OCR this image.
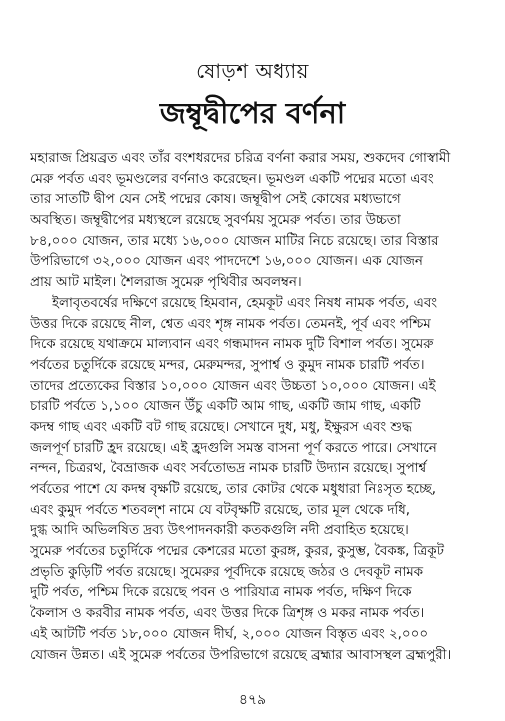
ষোড়শ অধ্যায়
জম্বূদ্বীপের বর্ণনা
মহারাজ প্রিয়ব্রত এবং তাঁর বংশধরদের চরিত্র বর্ণনা করার সময়, শুকদেব গোস্বামী
মেরু পর্বত এবং ভূমণ্ডলের বর্ণনাও করেছেন। ভূমণ্ডল একটি পদ্মের মতো এবং
তার সাতটি দ্বীপ যেন সেই পদ্মের কোষ। জম্বূদ্বীপ সেই কোষের মধ্যভাগে
অবস্থিত। জম্বূদ্বীপের মধ্যস্থলে রয়েছে সুবর্ণময় সুমেরু পর্বত। তার উচ্চতা
৮৪,০০০ যোজন, তার মধ্যে ১৬,০০০ যোজন মাটির নিচে রয়েছে। তার বিস্তার
উপরিভাগে ৩২,০০০ যোজন এবং পাদদেশে ১৬,০০০ যোজন। এক যোজন
প্রায় আট মাইল। শৈলরাজ সুমেরু পৃথিবীর অবলম্বন।
ইলাবৃতবর্ষের দক্ষিণে রয়েছে হিমবান, হেমকূট এবং নিষধ নামক পর্বত, এবং
উত্তর দিকে রয়েছে নীল, শ্বেত এবং শৃঙ্গ নামক পর্বত। তেমনই, পূর্ব এবং পশ্চিম
দিকে রয়েছে যথাক্রমে মাল্যবান এবং গন্ধমাদন নামক দুটি বিশাল পর্বত। সুমেরু
পর্বতের চতুর্দিকে রয়েছে মন্দর, মেরুমন্দর, সুপার্শ্ব ও কুমুদ নামক চারটি পর্বত।
তাদের প্রত্যেকের বিস্তার ১০,০০০ যোজন এবং উচ্চতা ১০,০০০ যোজন। এই
চারটি পর্বতে ১,১০০ যোজন উঁচু একটি আম গাছ, একটি জাম গাছ, একটি
কদম্ব গাছ এবং একটি বট গাছ রয়েছে। সেখানে দুধ, মধু, ইক্ষুরস এবং শুদ্ধ
জলপূর্ণ চারটি হ্রদ রয়েছে। এই হ্রদগুলি সমস্ত বাসনা পূর্ণ করতে পারে। সেখানে
নন্দন, চিত্ররথ, বৈভ্রাজক এবং সর্বতোভদ্র নামক চারটি উদ্যান রয়েছে। সুপার্শ্ব
পর্বতের পাশে যে কদম্ব বৃক্ষটি রয়েছে, তার কোটর থেকে মধুধারা নিঃসৃত হচ্ছে,
এবং কুমুদ পর্বতে শতবল্শ নামে যে বটবৃক্ষটি রয়েছে, তার মূল থেকে দধি,
দুগ্ধ আদি অভিলষিত দ্রব্য উৎপাদনকারী কতকগুলি নদী প্রবাহিত হয়েছে।
সুমেরু পর্বতের চতুর্দিকে পদ্মের কেশরের মতো কুরঙ্গ, কুরর, কুসুম্ভ, বৈকঙ্ক, ত্রিকূট
প্রভৃতি কুড়িটি পর্বত রয়েছে। সুমেরুর পূর্বদিকে রয়েছে জঠর ও দেবকূট নামক
দুটি পর্বত, পশ্চিম দিকে রয়েছে পবন ও পারিযাত্র নামক পর্বত, দক্ষিণ দিকে
কৈলাস ও করবীর নামক পর্বত, এবং উত্তর দিকে ত্রিশৃঙ্গ ও মকর নামক পর্বত।
এই আটটি পর্বত ১৮,০০০ যোজন দীর্ঘ, ২,০০০ যোজন বিস্তৃত এবং ২,০০০
যোজন উন্নত। এই সুমেরু পর্বতের উপরিভাগে রয়েছে ব্রহ্মার আবাসস্থল ব্রহ্মপুরী।
৪৭৯
